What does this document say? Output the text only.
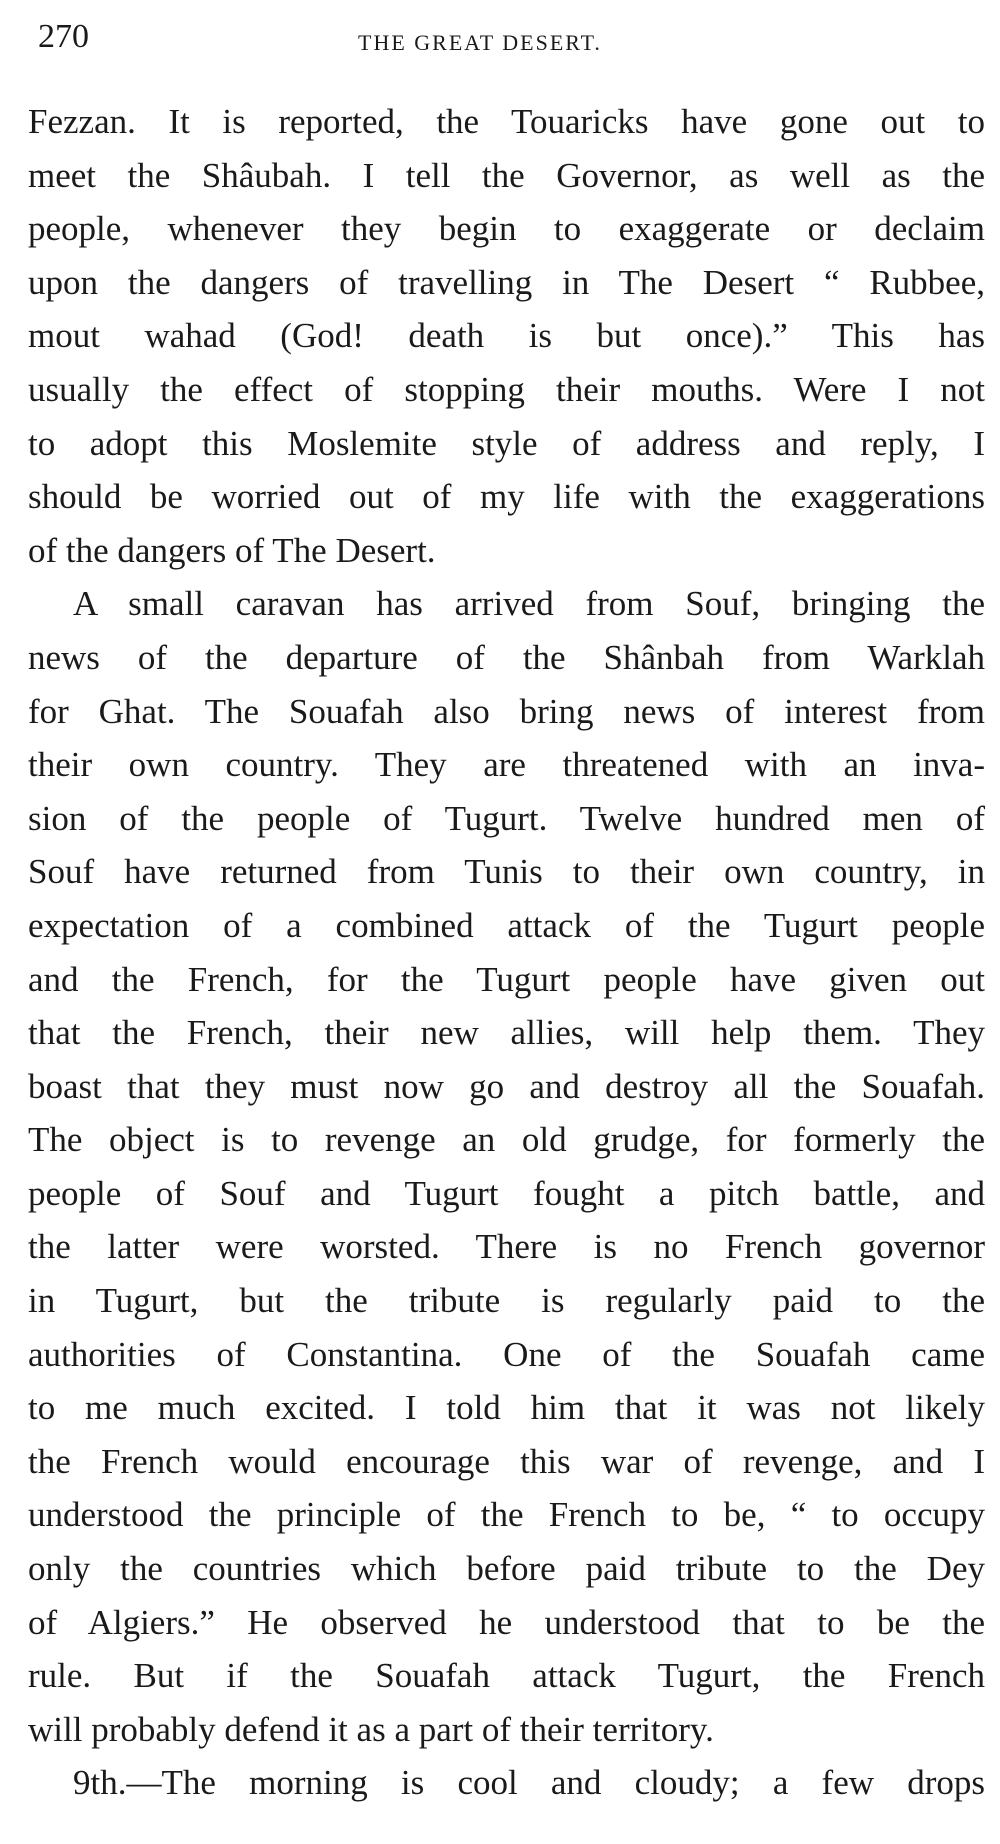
270	THE GREAT DESERT.
Fezzan. It is reported, the Touaricks have gone out to
meet the Shâubah. I tell the Governor, as well as the
people, whenever they begin to exaggerate or declaim
upon the dangers of travelling in The Desert “ Rubbee,
mout wahad (God! death is but once).” This has
usually the effect of stopping their mouths. Were I not
to adopt this Moslemite style of address and reply, I
should be worried out of my life with the exaggerations
of the dangers of The Desert.
A small caravan has arrived from Souf, bringing the
news of the departure of the Shânbah from Warklah
for Ghat. The Souafah also bring news of interest from
their own country. They are threatened with an inva-
sion of the people of Tugurt. Twelve hundred men of
Souf have returned from Tunis to their own country, in
expectation of a combined attack of the Tugurt people
and the French, for the Tugurt people have given out
that the French, their new allies, will help them. They
boast that they must now go and destroy all the Souafah.
The object is to revenge an old grudge, for formerly the
people of Souf and Tugurt fought a pitch battle, and
the latter were worsted. There is no French governor
in Tugurt, but the tribute is regularly paid to the
authorities of Constantina. One of the Souafah came
to me much excited. I told him that it was not likely
the French would encourage this war of revenge, and I
understood the principle of the French to be, “ to occupy
only the countries which before paid tribute to the Dey
of Algiers.” He observed he understood that to be the
rule. But if the Souafah attack Tugurt, the French
will probably defend it as a part of their territory.
9th.—The morning is cool and cloudy; a few drops
